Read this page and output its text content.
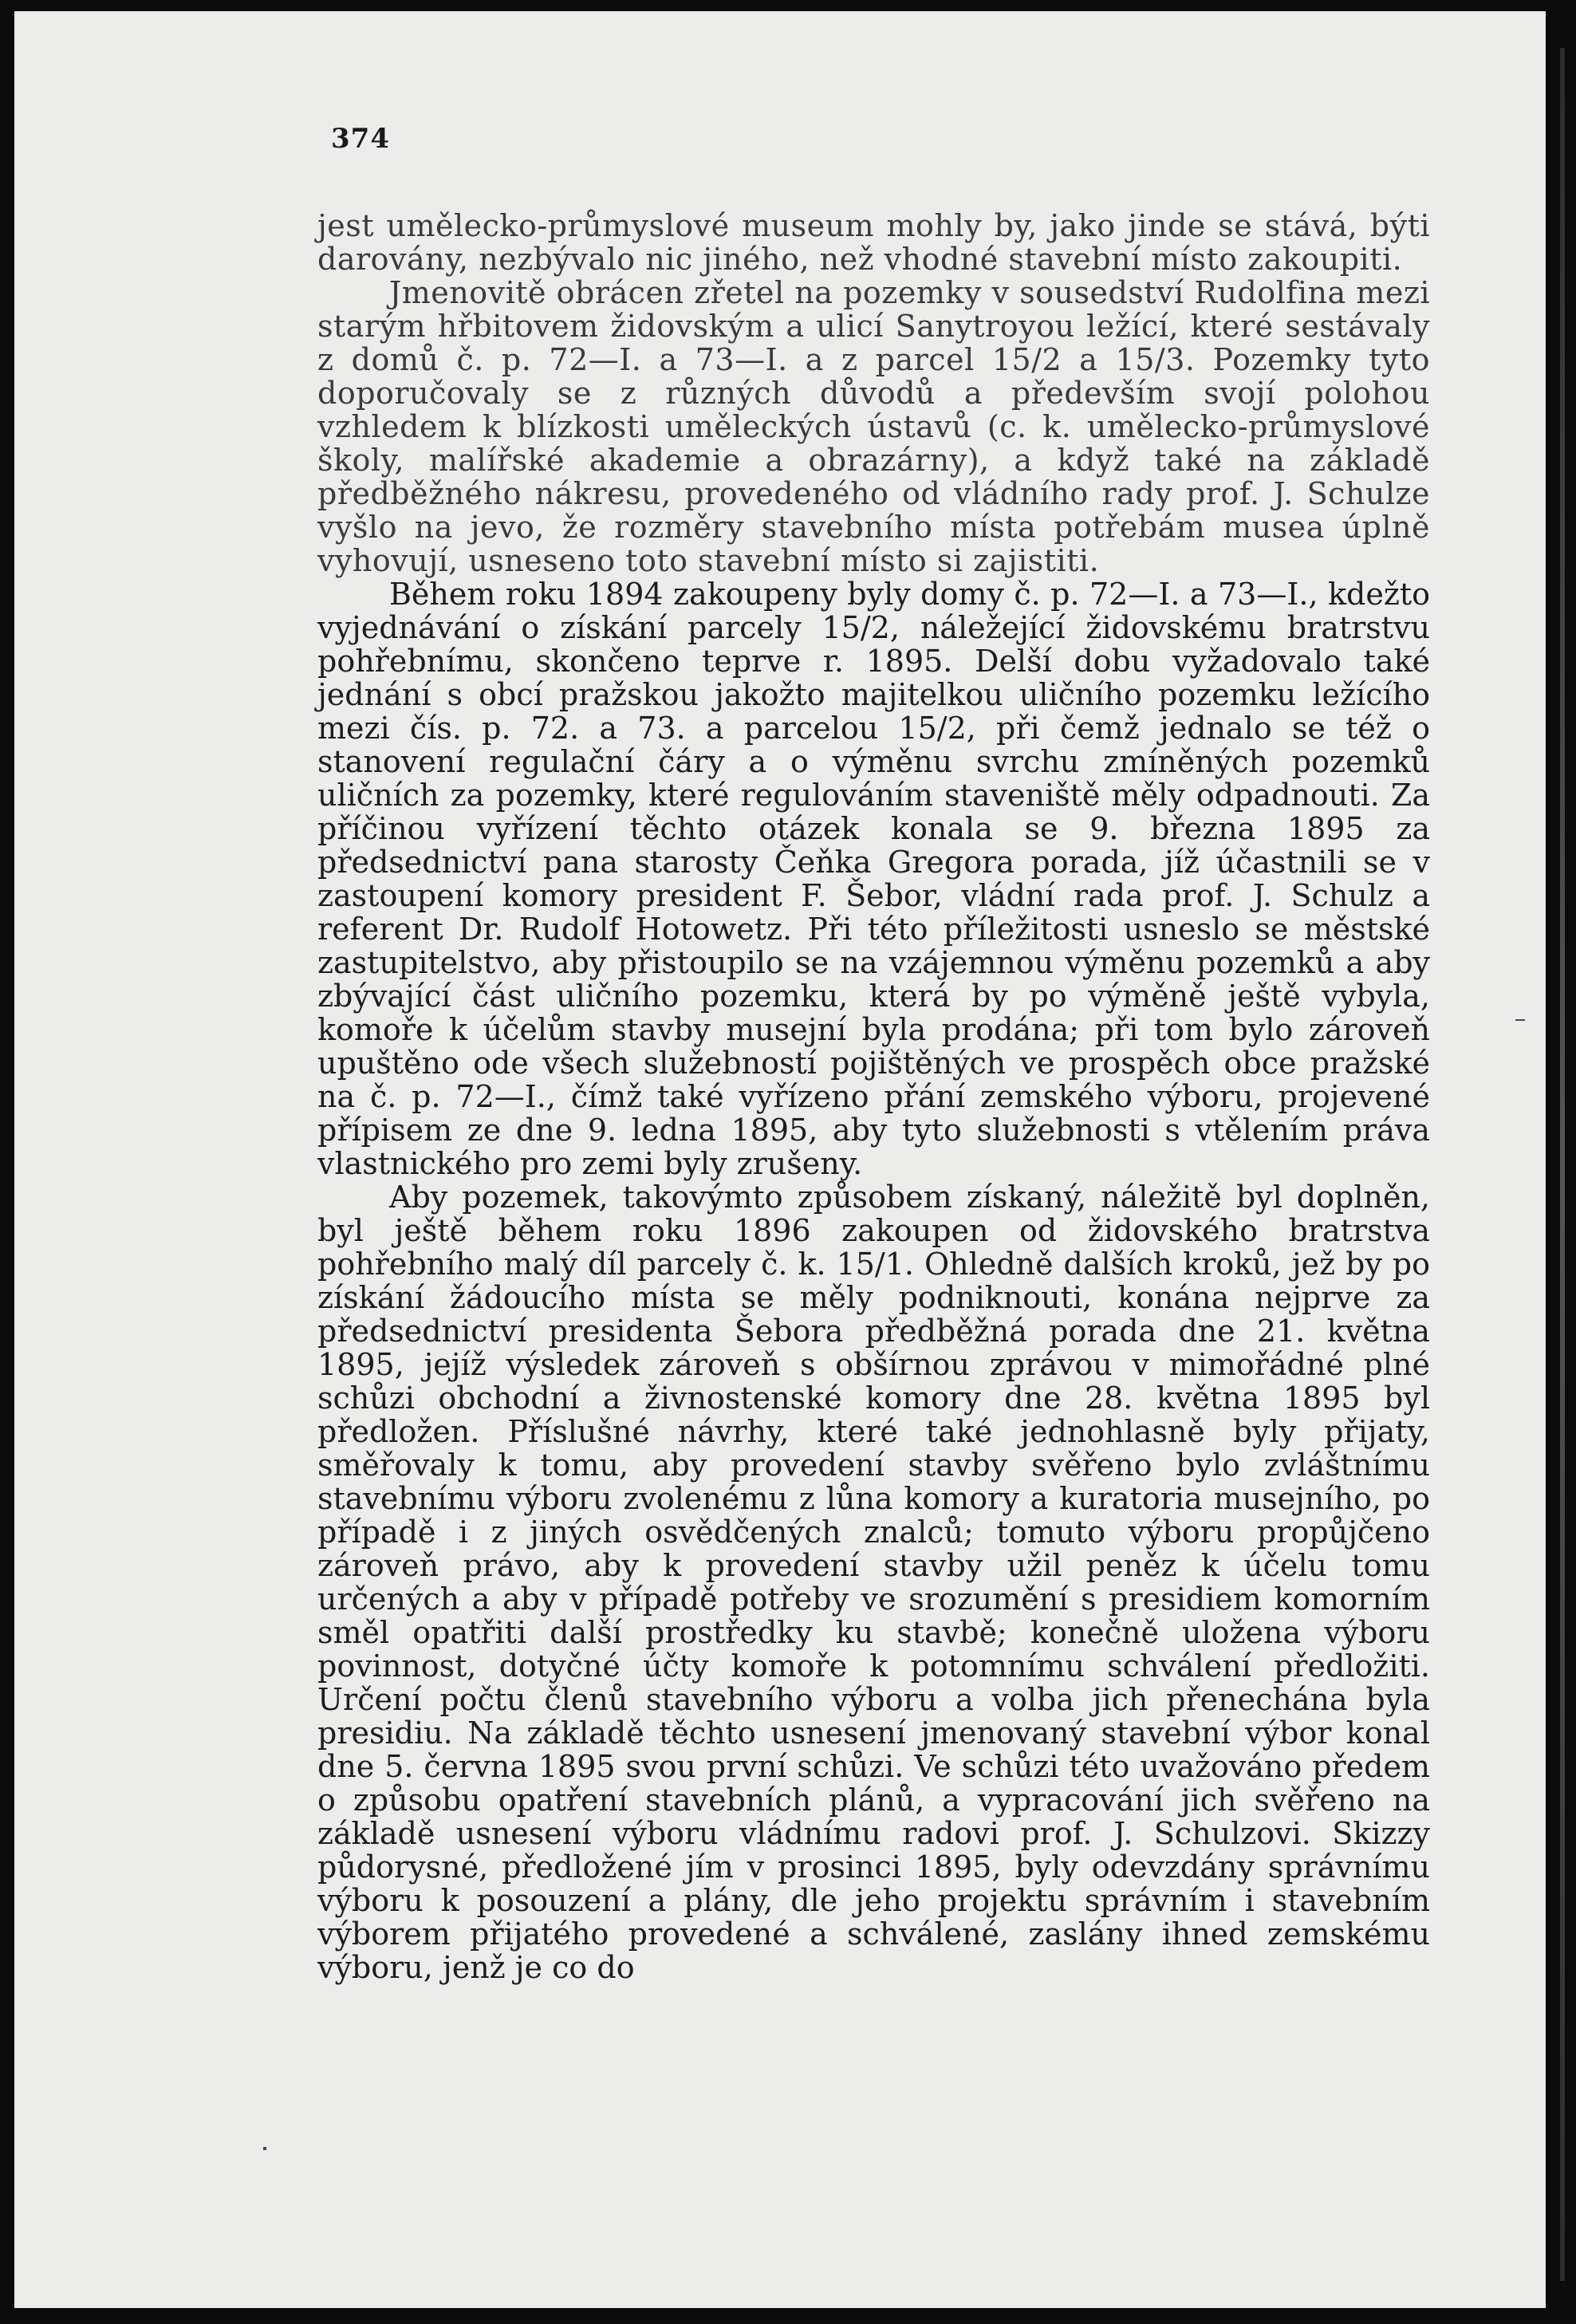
374

jest umělecko-průmyslové museum mohly by, jako jinde se stává, býti darovány, nezbývalo nic jiného, než vhodné stavební místo zakoupiti.

Jmenovitě obrácen zřetel na pozemky v sousedství Rudolfina mezi starým hřbitovem židovským a ulicí Sanytroyou ležící, které sestávaly z domů č. p. 72—I. a 73—I. a z parcel 15/2 a 15/3. Pozemky tyto doporučovaly se z různých důvodů a především svojí polohou vzhledem k blízkosti uměleckých ústavů (c. k. umělecko-průmyslové školy, malířské akademie a obrazárny), a když také na základě předběžného nákresu, provedeného od vládního rady prof. J. Schulze vyšlo na jevo, že rozměry stavebního místa potřebám musea úplně vyhovují, usneseno toto stavební místo si zajistiti.

Během roku 1894 zakoupeny byly domy č. p. 72—I. a 73—I., kdežto vyjednávání o získání parcely 15/2, náležející židovskému bratrstvu pohřebnímu, skončeno teprve r. 1895. Delší dobu vyžadovalo také jednání s obcí pražskou jakožto majitelkou uličního pozemku ležícího mezi čís. p. 72. a 73. a parcelou 15/2, při čemž jednalo se též o stanovení regulační čáry a o výměnu svrchu zmíněných pozemků uličních za pozemky, které regulováním staveniště měly odpadnouti. Za příčinou vyřízení těchto otázek konala se 9. března 1895 za předsednictví pana starosty Čeňka Gregora porada, jíž účastnili se v zastoupení komory president F. Šebor, vládní rada prof. J. Schulz a referent Dr. Rudolf Hotowetz. Při této příležitosti usneslo se městské zastupitelstvo, aby přistoupilo se na vzájemnou výměnu pozemků a aby zbývající část uličního pozemku, která by po výměně ještě vybyla, komoře k účelům stavby musejní byla prodána; při tom bylo zároveň upuštěno ode všech služebností pojištěných ve prospěch obce pražské na č. p. 72—I., čímž také vyřízeno přání zemského výboru, projevené přípisem ze dne 9. ledna 1895, aby tyto služebnosti s vtělením práva vlastnického pro zemi byly zrušeny.

Aby pozemek, takovýmto způsobem získaný, náležitě byl doplněn, byl ještě během roku 1896 zakoupen od židovského bratrstva pohřebního malý díl parcely č. k. 15/1. Ohledně dalších kroků, jež by po získání žádoucího místa se měly podniknouti, konána nejprve za předsednictví presidenta Šebora předběžná porada dne 21. května 1895, jejíž výsledek zároveň s obšírnou zprávou v mimořádné plné schůzi obchodní a živnostenské komory dne 28. května 1895 byl předložen. Příslušné návrhy, které také jednohlasně byly přijaty, směřovaly k tomu, aby provedení stavby svěřeno bylo zvláštnímu stavebnímu výboru zvolenému z lůna komory a kuratoria musejního, po případě i z jiných osvědčených znalců; tomuto výboru propůjčeno zároveň právo, aby k provedení stavby užil peněz k účelu tomu určených a aby v případě potřeby ve srozumění s presidiem komorním směl opatřiti další prostředky ku stavbě; konečně uložena výboru povinnost, dotyčné účty komoře k potomnímu schválení předložiti. Určení počtu členů stavebního výboru a volba jich přenechána byla presidiu. Na základě těchto usnesení jmenovaný stavební výbor konal dne 5. června 1895 svou první schůzi. Ve schůzi této uvažováno předem o způsobu opatření stavebních plánů, a vypracování jich svěřeno na základě usnesení výboru vládnímu radovi prof. J. Schulzovi. Skizzy půdorysné, předložené jím v prosinci 1895, byly odevzdány správnímu výboru k posouzení a plány, dle jeho projektu správním i stavebním výborem přijatého provedené a schválené, zaslány ihned zemskému výboru, jenž je co do
